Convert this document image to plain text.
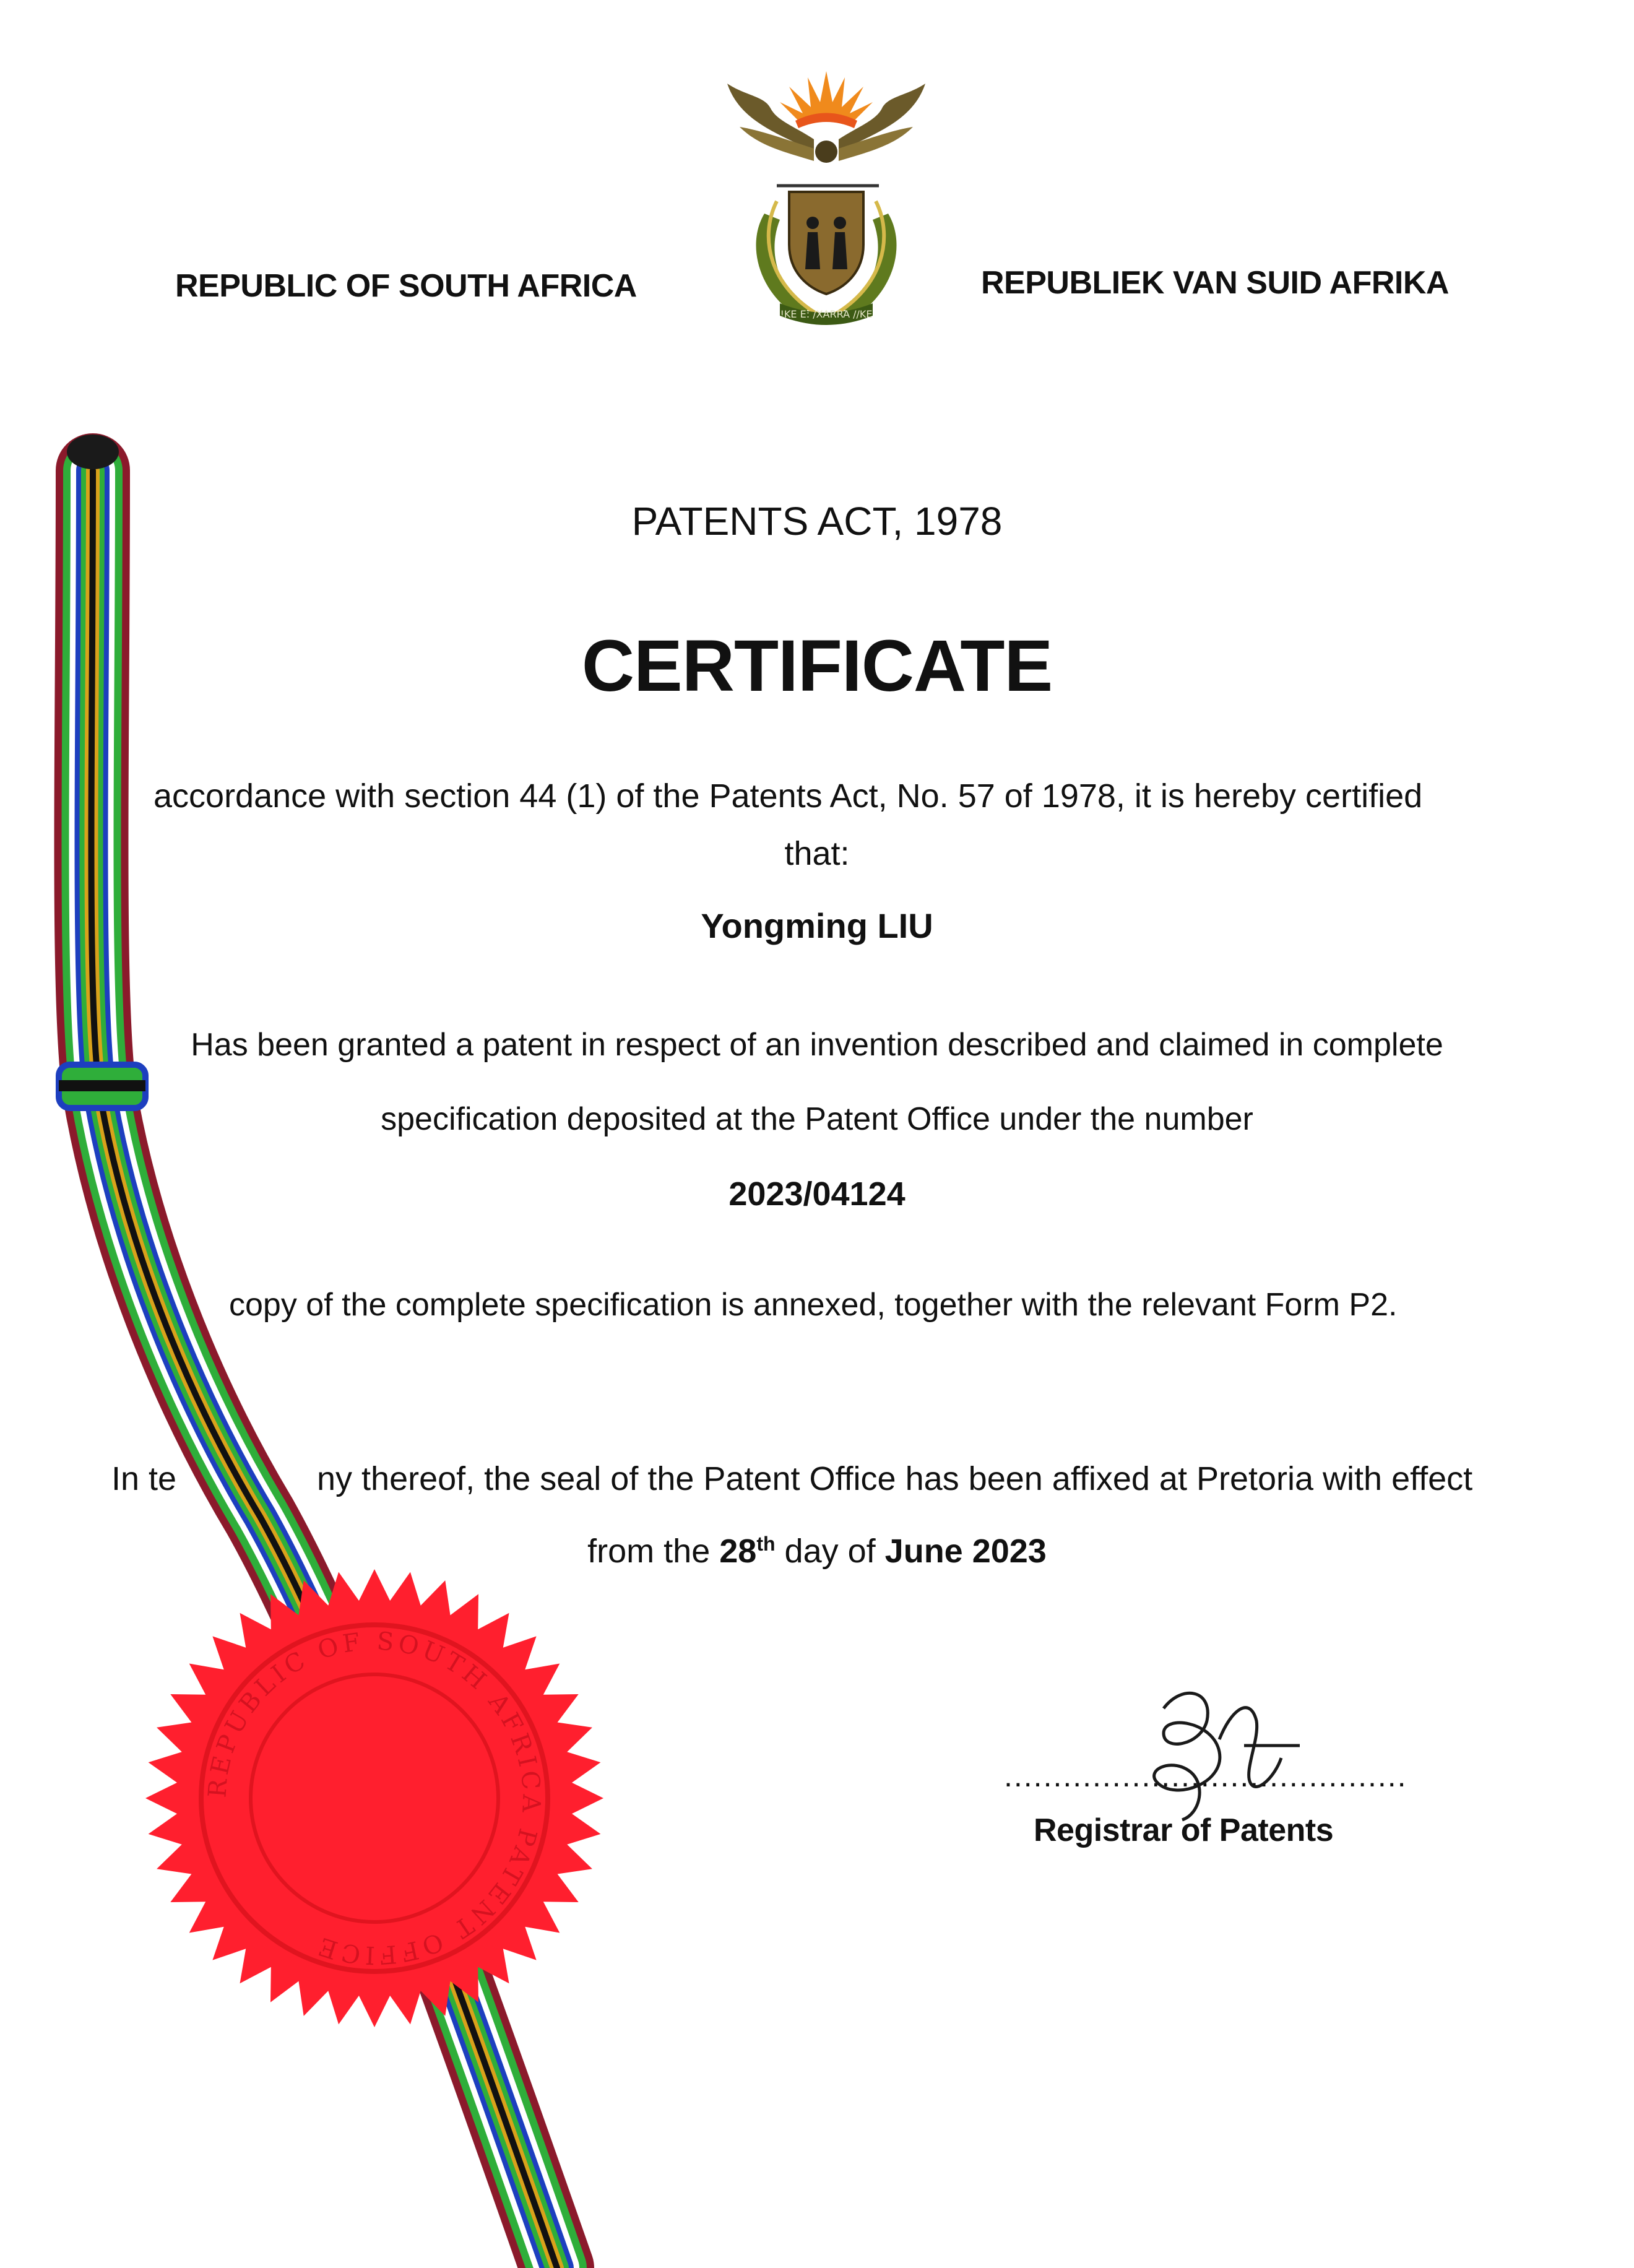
!KE E: /XARRA //KE
REPUBLIC OF SOUTH AFRICA	REPUBLIEK VAN SUID AFRIKA
PATENTS ACT, 1978
CERTIFICATE
accordance with section 44 (1) of the Patents Act, No. 57 of 1978, it is hereby certified
that:
Yongming LIU
Has been granted a patent in respect of an invention described and claimed in complete
specification deposited at the Patent Office under the number
2023/04124
copy of the complete specification is annexed, together with the relevant Form P2.
In te	ny thereof, the seal of the Patent Office has been affixed at Pretoria with effect
from the 28th day of June 2023
.........................................
Registrar of Patents
REPUBLIC OF SOUTH AFRICA PATENT OFFICE
